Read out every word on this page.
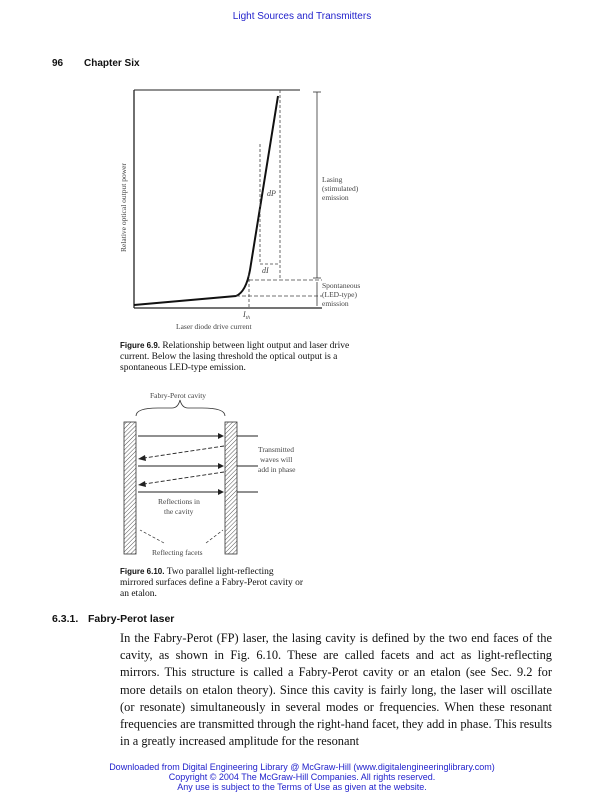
Light Sources and Transmitters
96 Chapter Six
dP
dI
$I_{th}$
Relative optical output power
Laser diode drive current
Lasing (stimulated) emission
Spontaneous (LED-type) emission
Figure 6.9. Relationship between light output and laser drive current. Below the lasing threshold the optical output is a spontaneous LED-type emission.
Fabry-Perot cavity
Transmitted waves will add in phase
Reflections in the cavity
Reflecting facets
Figure 6.10. Two parallel light-reflecting mirrored surfaces define a Fabry-Perot cavity or an etalon.
6.3.1. Fabry-Perot laser

In the Fabry-Perot (FP) laser, the lasing cavity is defined by the two end faces of the cavity, as shown in Fig. 6.10. These are called facets and act as light-reflecting mirrors. This structure is called a Fabry-Perot cavity or an etalon (see Sec. 9.2 for more details on etalon theory). Since this cavity is fairly long, the laser will oscillate (or resonate) simultaneously in several modes or frequencies. When these resonant frequencies are transmitted through the right-hand facet, they add in phase. This results in a greatly increased amplitude for the resonant

Downloaded from Digital Engineering Library @ McGraw-Hill (www.digitalengineeringlibrary.com)
Copyright © 2004 The McGraw-Hill Companies. All rights reserved.
Any use is subject to the Terms of Use as given at the website.
